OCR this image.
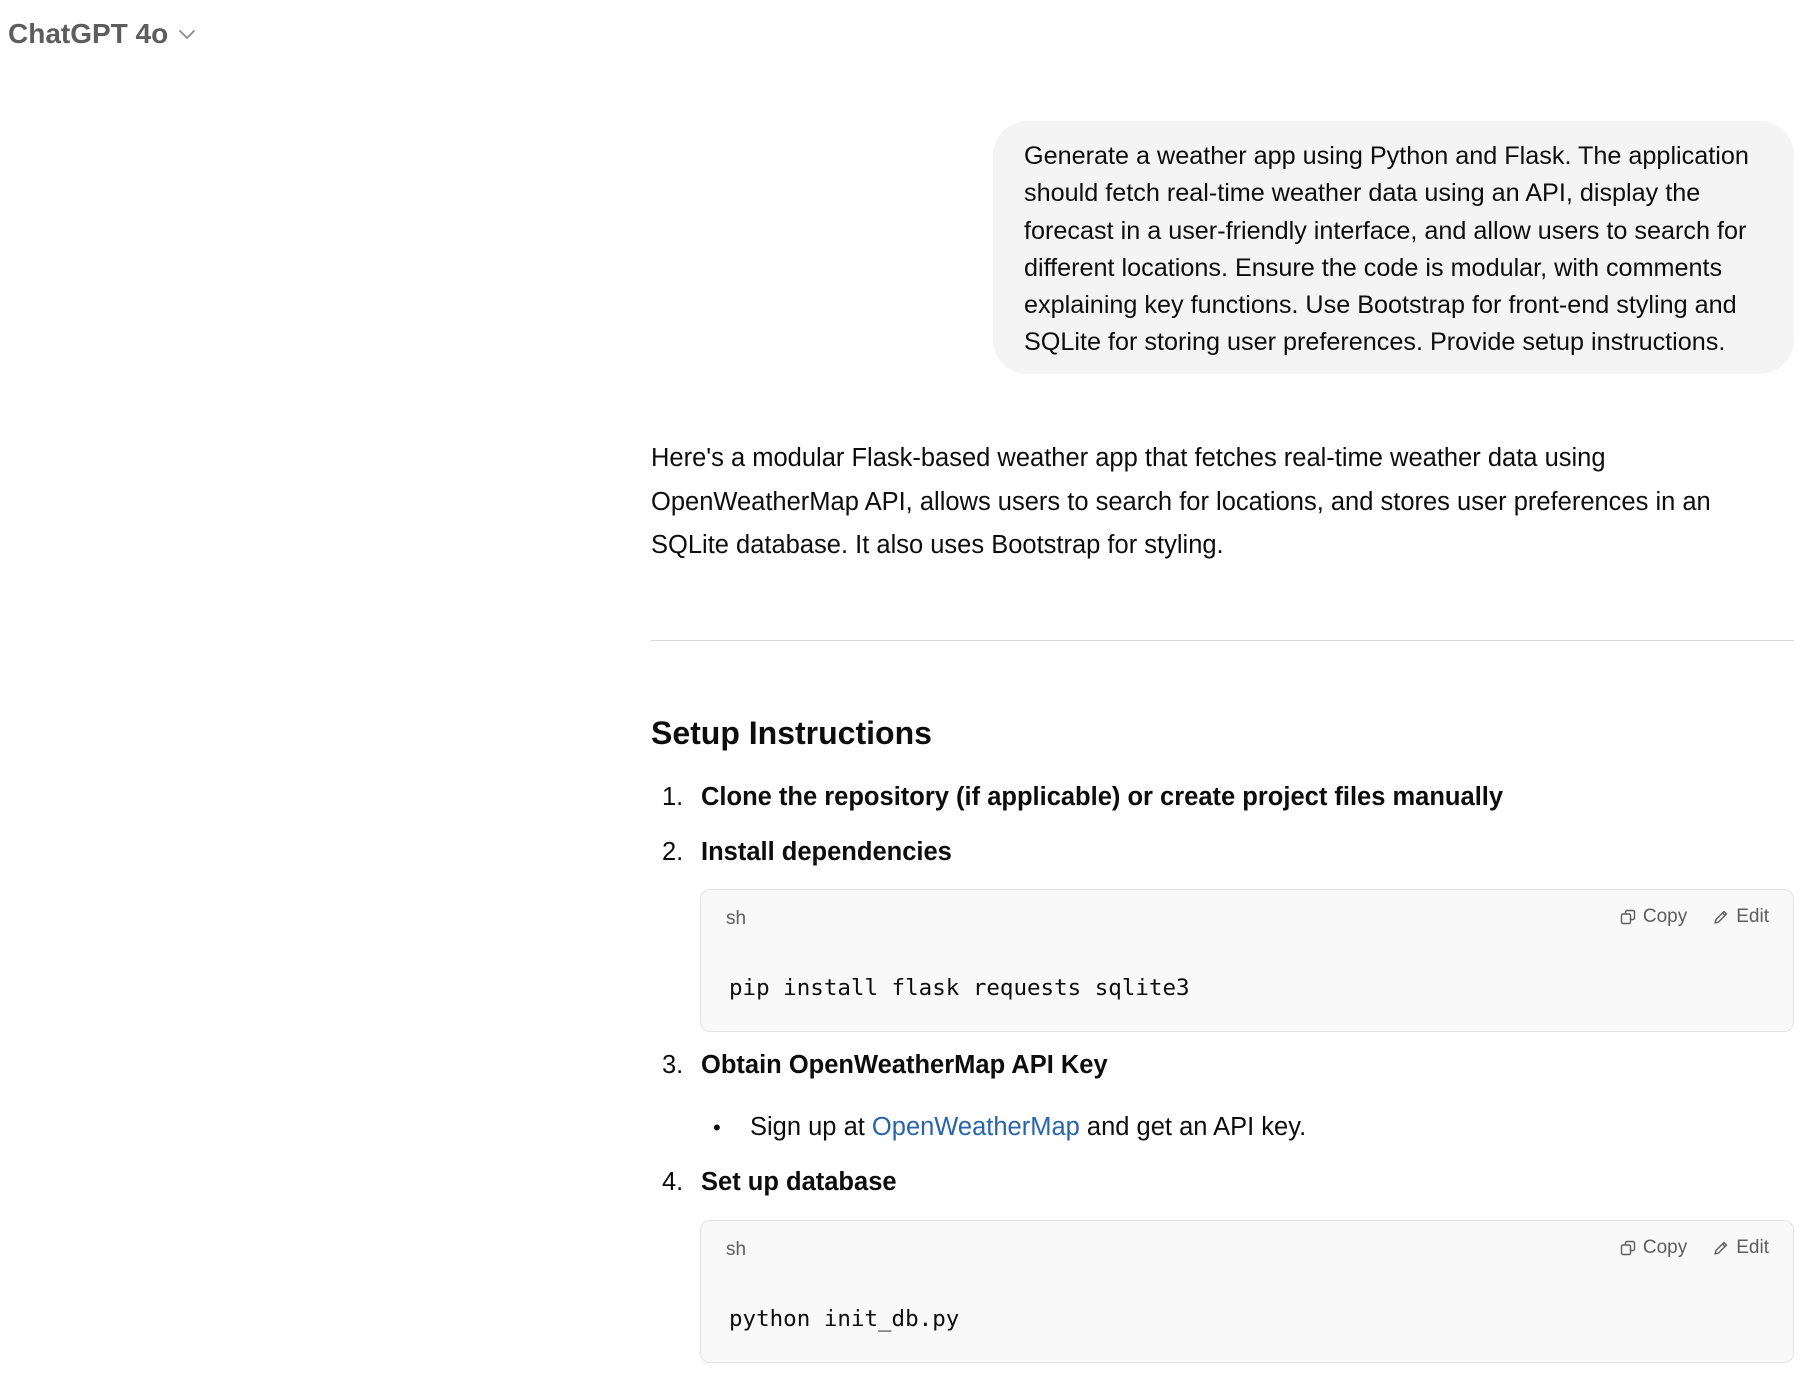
ChatGPT 4o
Generate a weather app using Python and Flask. The application should fetch real-time weather data using an API, display the forecast in a user-friendly interface, and allow users to search for different locations. Ensure the code is modular, with comments explaining key functions. Use Bootstrap for front-end styling and SQLite for storing user preferences. Provide setup instructions.

Here's a modular Flask-based weather app that fetches real-time weather data using OpenWeatherMap API, allows users to search for locations, and stores user preferences in an SQLite database. It also uses Bootstrap for styling.

Setup Instructions
1. Clone the repository (if applicable) or create project files manually
2. Install dependencies
sh	Copy	Edit
pip install flask requests sqlite3
3. Obtain OpenWeatherMap API Key
• Sign up at OpenWeatherMap and get an API key.
4. Set up database
sh	Copy	Edit
python init_db.py
